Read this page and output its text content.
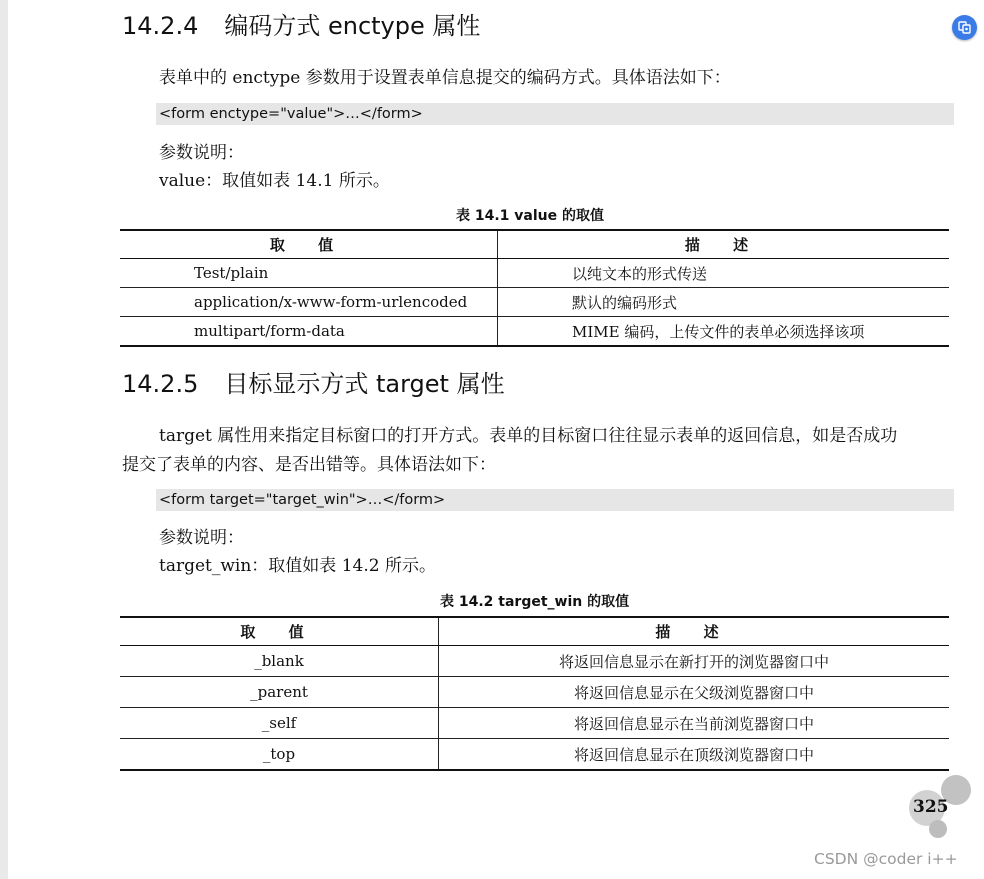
14.2.4 编码方式 enctype 属性
表单中的 enctype 参数用于设置表单信息提交的编码方式。具体语法如下：
<form enctype="value">…</form>
参数说明：
value：取值如表 14.1 所示。
表 14.1 value 的取值
取 值	描 述
Test/plain	以纯文本的形式传送
application/x-www-form-urlencoded	默认的编码形式
multipart/form-data	MIME 编码，上传文件的表单必须选择该项
14.2.5 目标显示方式 target 属性
target 属性用来指定目标窗口的打开方式。表单的目标窗口往往显示表单的返回信息，如是否成功
提交了表单的内容、是否出错等。具体语法如下：
<form target="target_win">…</form>
参数说明：
target_win：取值如表 14.2 所示。
表 14.2 target_win 的取值
取 值	描 述
_blank	将返回信息显示在新打开的浏览器窗口中
_parent	将返回信息显示在父级浏览器窗口中
_self	将返回信息显示在当前浏览器窗口中
_top	将返回信息显示在顶级浏览器窗口中
325
CSDN @coder i++
